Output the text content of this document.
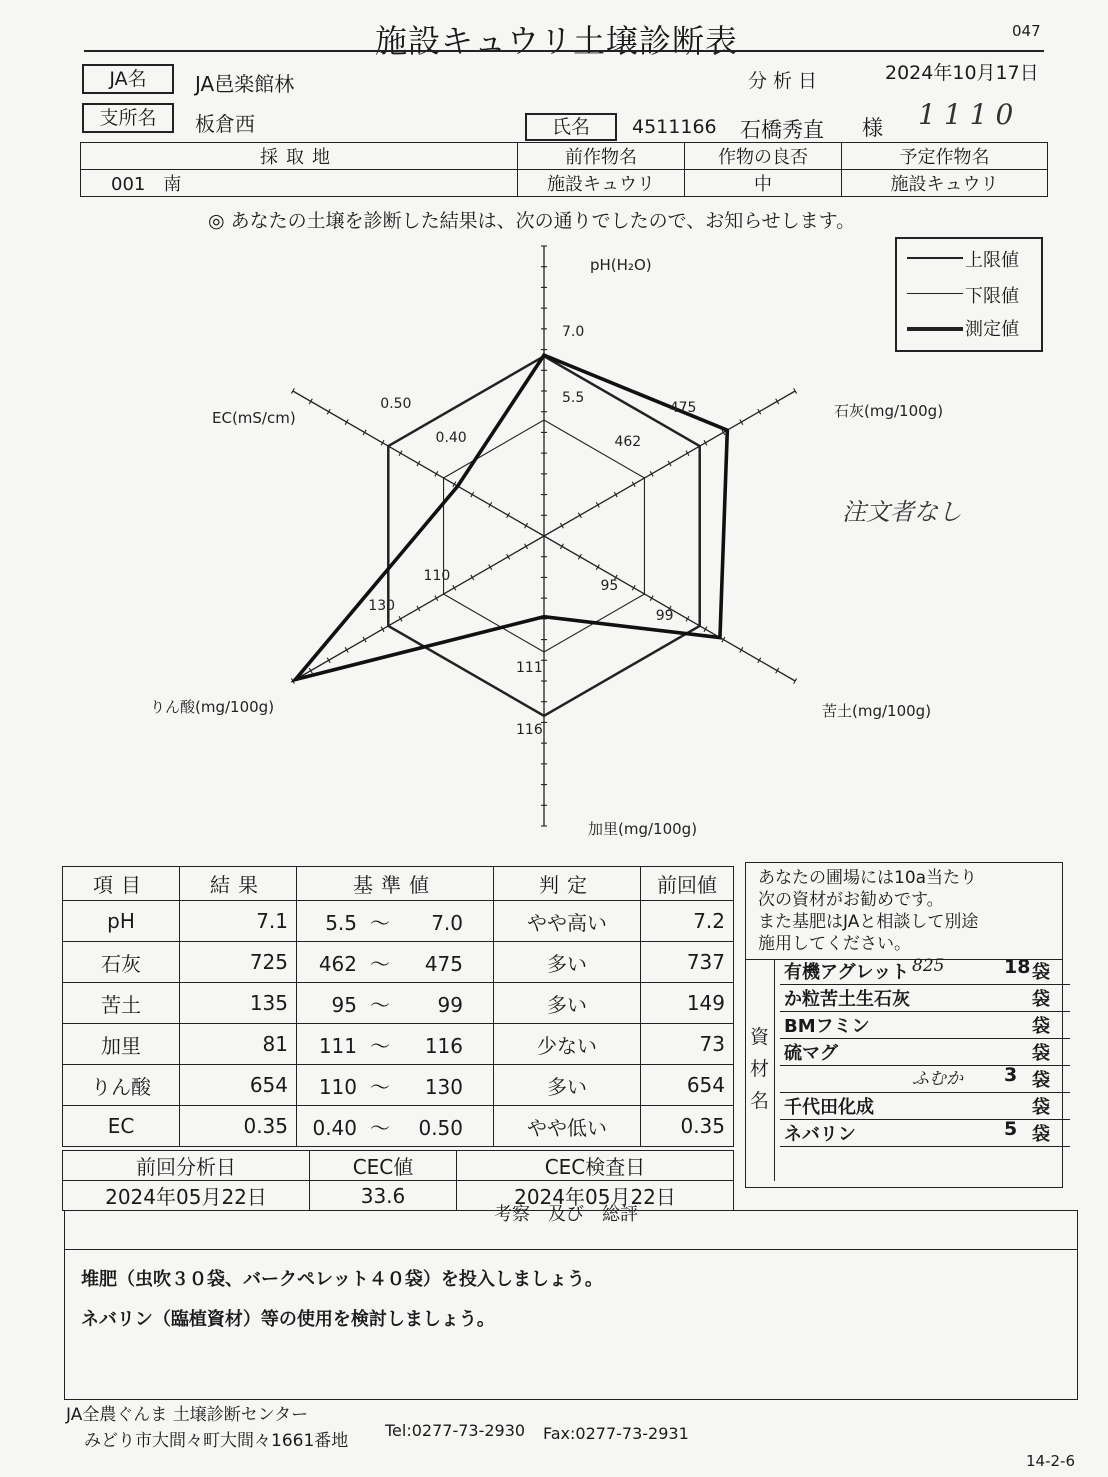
047
施設キュウリ土壌診断表
JA名	JA邑楽館林	分析日	2024年10月17日
支所名	板倉西	氏名	4511166 石橋秀直 様 1110
採取地	前作物名	作物の良否	予定作物名
001　南	施設キュウリ	中	施設キュウリ
◎ あなたの土壌を診断した結果は、次の通りでしたので、お知らせします。
上限値
下限値
測定値
注文者なし
7.0
5.5
475
462
99
95
116
111
130
110
0.50
0.40
pH(H₂O)
石灰(mg/100g)
苦土(mg/100g)
加里(mg/100g)
りん酸(mg/100g)
EC(mS/cm)
項目	結果	基準値	判定	前回値
pH	7.1	5.5 ～ 7.0	やや高い	7.2
石灰	725	462 ～ 475	多い	737
苦土	135	95 ～ 99	多い	149
加里	81	111 ～ 116	少ない	73
りん酸	654	110 ～ 130	多い	654
EC	0.35	0.40 ～ 0.50	やや低い	0.35
前回分析日	CEC値	CEC検査日
2024年05月22日	33.6	2024年05月22日
あなたの圃場には10a当たり
次の資材がお勧めです。
また基肥はJAと相談して別途
施用してください。
資
材
名
有機アグレット 825	18 袋
か粒苦土生石灰	袋
BMフミン	袋
硫マグ	袋
ふむか 3 袋
千代田化成	袋
ネバリン	5 袋
考察　及び　総評
堆肥（虫吹３０袋、バークペレット４０袋）を投入しましょう。
ネバリン（臨植資材）等の使用を検討しましょう。
JA全農ぐんま 土壌診断センター
みどり市大間々町大間々1661番地
Tel:0277-73-2930 Fax:0277-73-2931
14-2-6
